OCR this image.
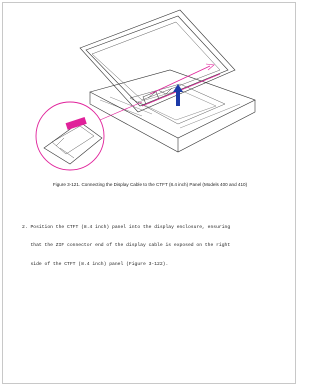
Figure 3-121. Connecting the Display Cable to the CTFT (8.4 inch) Panel (Models 400 and 410)

2. Position the CTFT (8.4 inch) panel into the display enclosure, ensuring

that the ZIF connector end of the display cable is exposed on the right

side of the CTFT (8.4 inch) panel (Figure 3-122).
